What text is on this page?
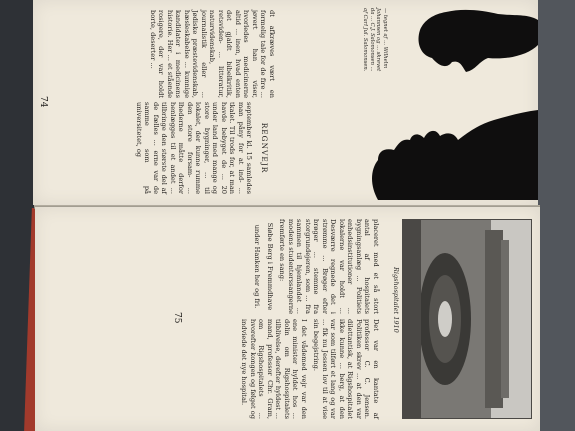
— tegnet af ... Wilhelm Johannsen og ... skrevet da ... C.J. Salomonsen ... af Carl Jul. Salomonsen.

dt afkræves vært en formelig tale for de fire ... jøvert han viser, hvorledes medicinerne altid ... inen, hvad enten det gjaldt bibelkritik, retsviden- ... litteratur, naturvidenskab, journalistik eller ... Jødiske præstevidenskab, hæsleskabelse ... kunnige kandidater i medicinens historie. Her ... et stående rosigere, der var holdt borte, deserter ...

REGNVEJR

september kl. 15 samledes man påny for at ind- ... tkalet. Til trods for, at man havde bebyget de ... 20 under land med mange og store bygninger, ... til lokalet, der kunne rumme den store forsam- ... lhederne måtte derfor henlægges til et andet ... tilbringe den største del af de fælles ... erne var de samme som på universitetet, og

74
75	Rigshospitalet 1910

placeret med et så stort antal af hospitalets bygningsanlæg ... Politiets enhedsinstitutioner ... lokalerne var holdt ... Desværre regnede det i strømme ... Brøger efter brøger ... stemme fra storgrundejeren, som ... fra sammen til hjemlandet ... modens studenterssangerne fremførte en sang:

Sløbe Berg i Fremmdhave

under Hanken her og fri.

Det var en kantate af professor C. C. Jensen. Politiken skrev ... at den var dilettantisk, at Rigshospitalet ikke kunne ... berg, at den var som tilført et lang og var ... fik nu Jessen lov til at vise sin begejstring.

I det vådemed vejr var den ene minister hyldet hos ... dolin om Rigshospitalets tilblivelse, derefter hyldest ... mand, professor Chr. Gram, om Rigshospitalets ... hvorefter kongen og følget og indviede det nye hospital.
